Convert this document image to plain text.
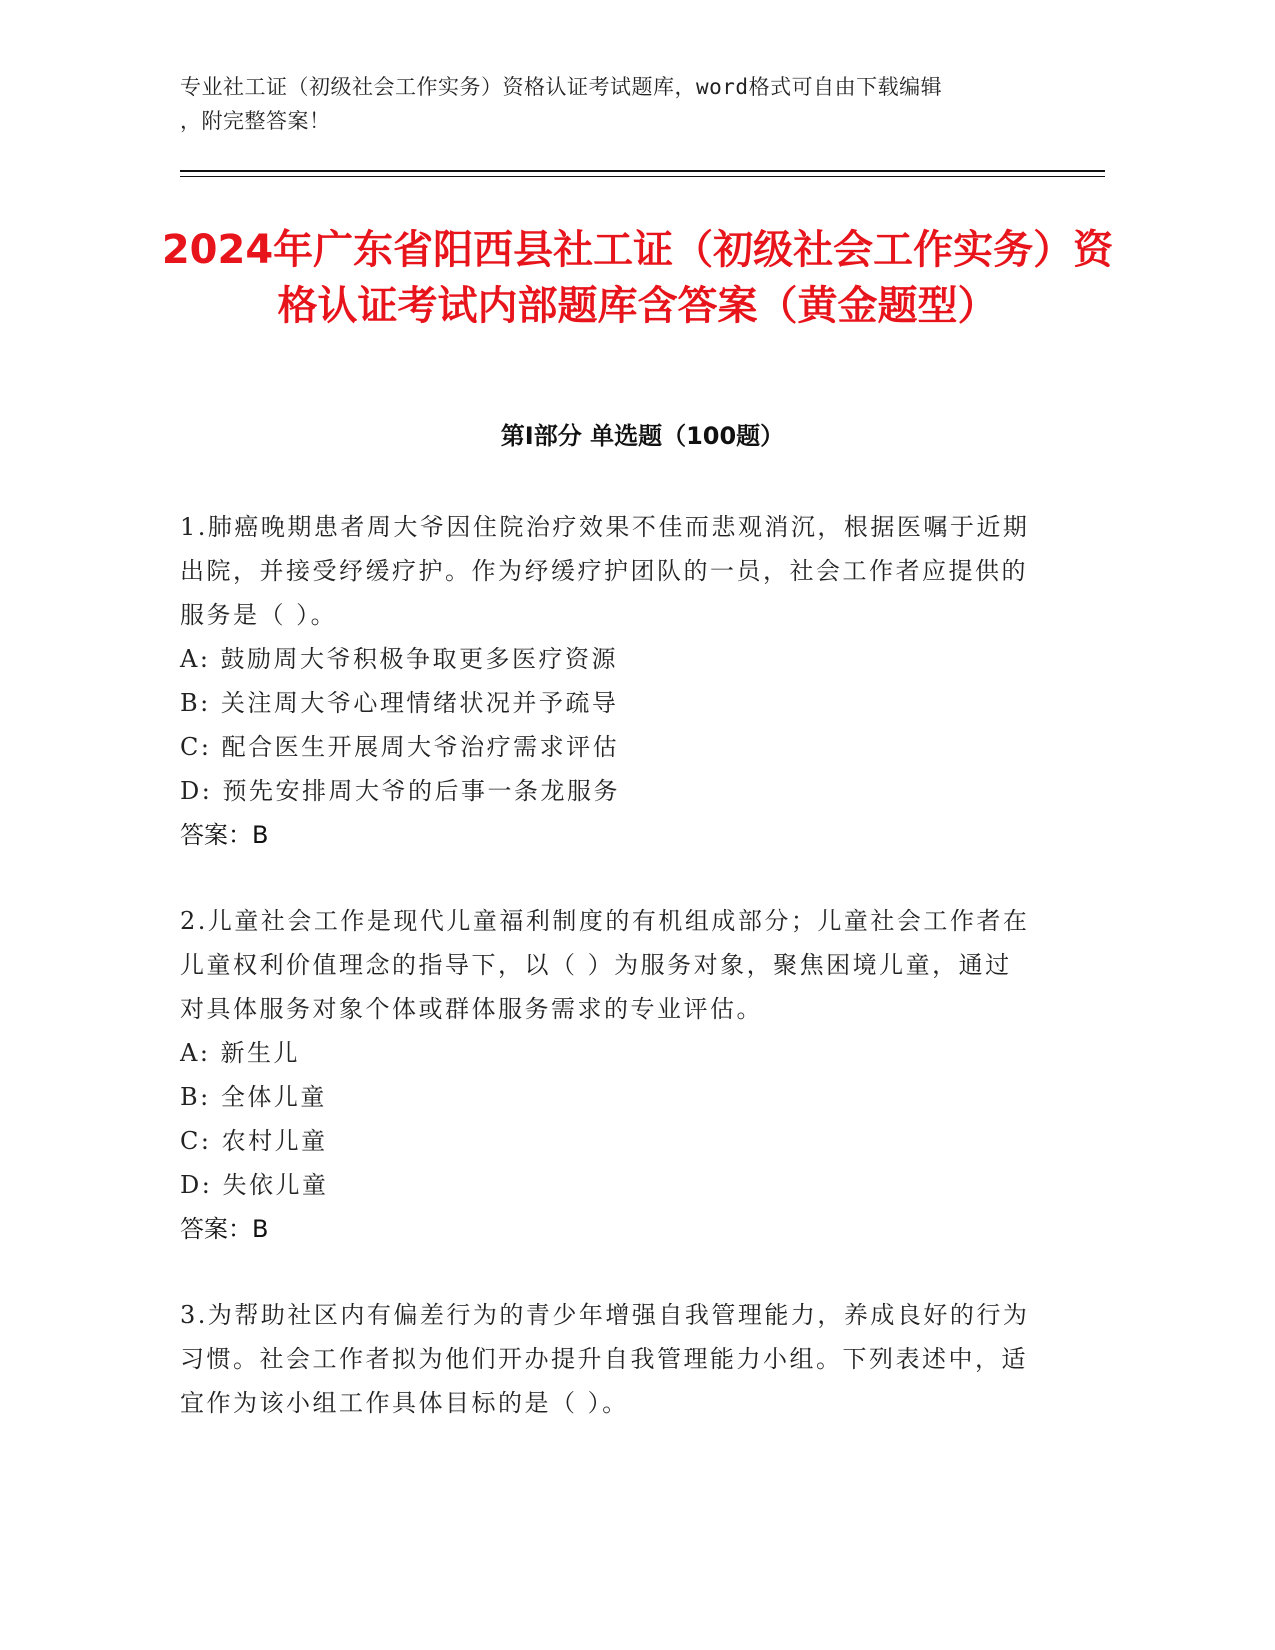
专业社工证（初级社会工作实务）资格认证考试题库，word格式可自由下载编辑
，附完整答案！
2024年广东省阳西县社工证（初级社会工作实务）资格认证考试内部题库含答案（黄金题型）
第I部分 单选题（100题）
1.肺癌晚期患者周大爷因住院治疗效果不佳而悲观消沉，根据医嘱于近期出院，并接受纾缓疗护。作为纾缓疗护团队的一员，社会工作者应提供的服务是（ ）。
A: 鼓励周大爷积极争取更多医疗资源
B: 关注周大爷心理情绪状况并予疏导
C: 配合医生开展周大爷治疗需求评估
D: 预先安排周大爷的后事一条龙服务
答案：B
2.儿童社会工作是现代儿童福利制度的有机组成部分；儿童社会工作者在儿童权利价值理念的指导下，以（ ）为服务对象，聚焦困境儿童，通过对具体服务对象个体或群体服务需求的专业评估。
A: 新生儿
B: 全体儿童
C: 农村儿童
D: 失依儿童
答案：B
3.为帮助社区内有偏差行为的青少年增强自我管理能力，养成良好的行为习惯。社会工作者拟为他们开办提升自我管理能力小组。下列表述中，适宜作为该小组工作具体目标的是（ ）。
